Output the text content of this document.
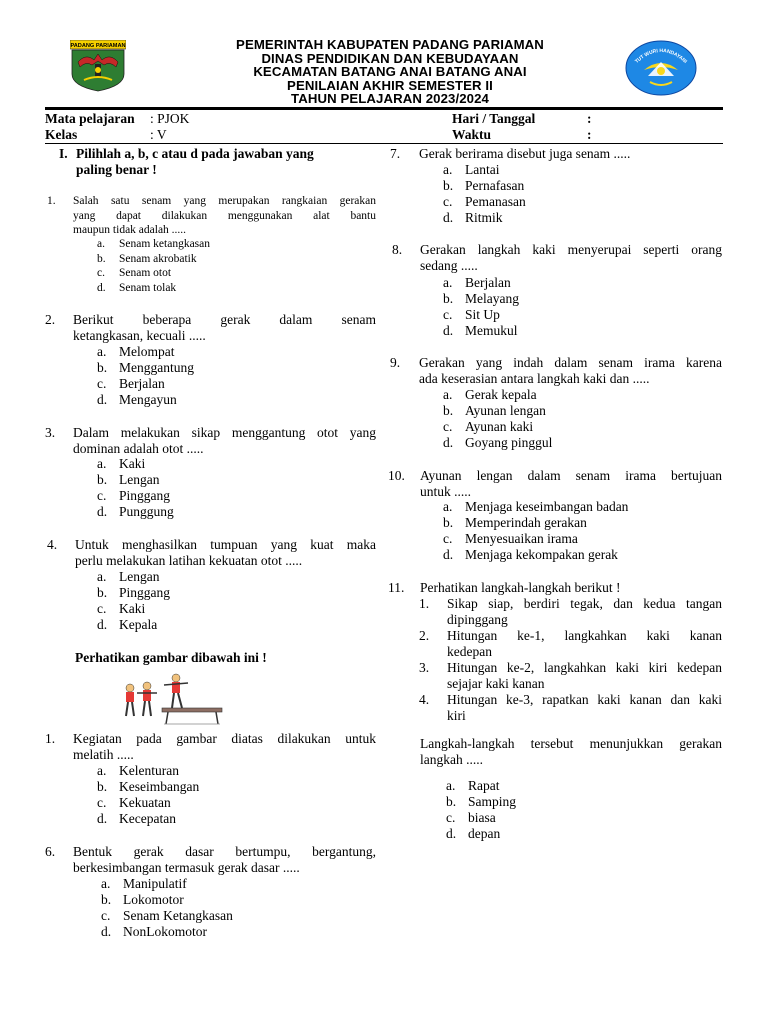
PADANG PARIAMAN	PEMERINTAH KABUPATEN PADANG PARIAMAN
DINAS PENDIDIKAN DAN KEBUDAYAAN
KECAMATAN BATANG ANAI BATANG ANAI
PENILAIAN AKHIR SEMESTER II
TAHUN PELAJARAN 2023/2024
TUT WURI HANDAYANI
Mata pelajaran : PJOK
Kelas	: V
Hari / Tanggal	:
Waktu	:
I. Pilihlah a, b, c atau d pada jawaban yang
paling benar !
1. Salah satu senam yang merupakan rangkaian gerakan
yang dapat dilakukan menggunakan alat bantu
maupun tidak adalah .....
a. Senam ketangkasan
b. Senam akrobatik
c. Senam otot
d. Senam tolak
2. Berikut beberapa gerak dalam senam
ketangkasan, kecuali .....
a. Melompat
b. Menggantung
c. Berjalan
d. Mengayun
3. Dalam melakukan sikap menggantung otot yang
dominan adalah otot .....
a. Kaki
b. Lengan
c. Pinggang
d. Punggung
4. Untuk menghasilkan tumpuan yang kuat maka
perlu melakukan latihan kekuatan otot .....
a. Lengan
b. Pinggang
c. Kaki
d. Kepala
Perhatikan gambar dibawah ini !
1. Kegiatan pada gambar diatas dilakukan untuk
melatih .....
a. Kelenturan
b. Keseimbangan
c. Kekuatan
d. Kecepatan
6. Bentuk gerak dasar bertumpu, bergantung,
berkesimbangan termasuk gerak dasar .....
a. Manipulatif
b. Lokomotor
c. Senam Ketangkasan
d. NonLokomotor
7. Gerak berirama disebut juga senam .....
a. Lantai
b. Pernafasan
c. Pemanasan
d. Ritmik
8. Gerakan langkah kaki menyerupai seperti orang
sedang .....
a. Berjalan
b. Melayang
c. Sit Up
d. Memukul
9. Gerakan yang indah dalam senam irama karena
ada keserasian antara langkah kaki dan .....
a. Gerak kepala
b. Ayunan lengan
c. Ayunan kaki
d. Goyang pinggul
10. Ayunan lengan dalam senam irama bertujuan
untuk .....
a. Menjaga keseimbangan badan
b. Memperindah gerakan
c. Menyesuaikan irama
d. Menjaga kekompakan gerak
11. Perhatikan langkah-langkah berikut !
1. Sikap siap, berdiri tegak, dan kedua tangan
dipinggang
2. Hitungan ke-1, langkahkan kaki kanan
kedepan
3. Hitungan ke-2, langkahkan kaki kiri kedepan
sejajar kaki kanan
4. Hitungan ke-3, rapatkan kaki kanan dan kaki
kiri
Langkah-langkah tersebut menunjukkan gerakan
langkah .....
a. Rapat
b. Samping
c. biasa
d. depan
